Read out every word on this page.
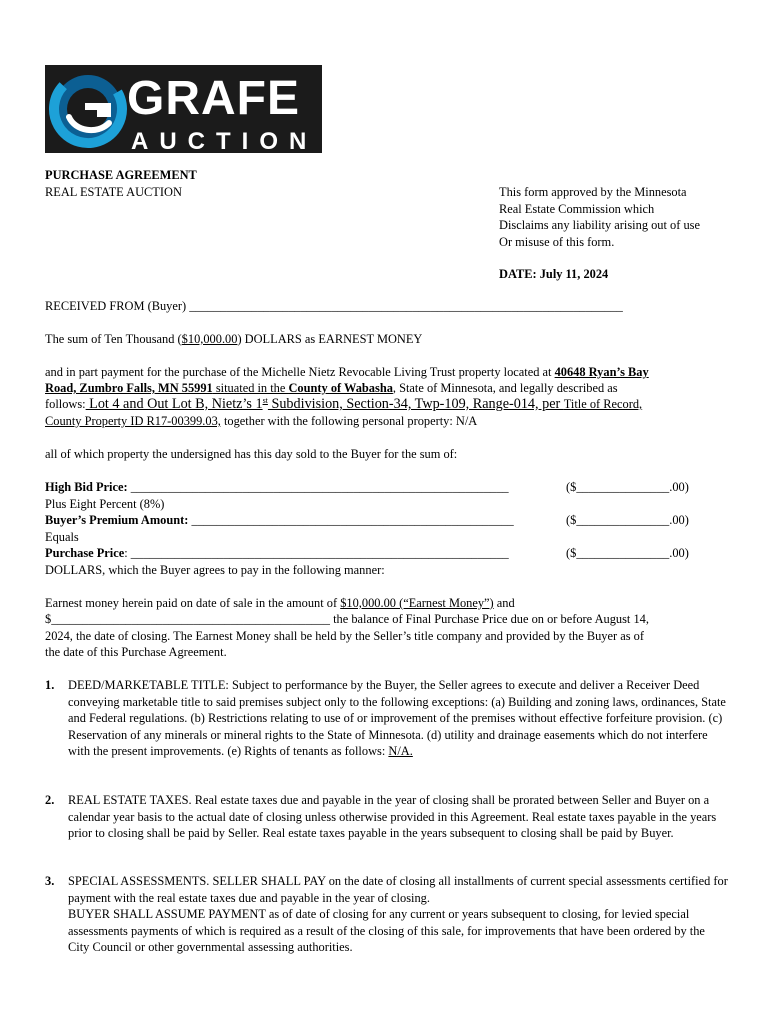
GRAFE
AUCTION
PURCHASE AGREEMENT
REAL ESTATE AUCTION	This form approved by the Minnesota
Real Estate Commission which
Disclaims any liability arising out of use
Or misuse of this form.
DATE: July 11, 2024
RECEIVED FROM (Buyer) ______________________________________________________________________
The sum of Ten Thousand ($10,000.00) DOLLARS as EARNEST MONEY
and in part payment for the purchase of the Michelle Nietz Revocable Living Trust property located at 40648 Ryan’s Bay
Road, Zumbro Falls, MN 55991 situated in the County of Wabasha, State of Minnesota, and legally described as
follows: Lot 4 and Out Lot B, Nietz’s 1st Subdivision, Section-34, Twp-109, Range-014, per Title of Record,
County Property ID R17-00399.03, together with the following personal property: N/A
all of which property the undersigned has this day sold to the Buyer for the sum of:
High Bid Price: _____________________________________________________________	($_______________.00)
Plus Eight Percent (8%)
Buyer’s Premium Amount: ____________________________________________________	($_______________.00)
Equals
Purchase Price: _____________________________________________________________	($_______________.00)
DOLLARS, which the Buyer agrees to pay in the following manner:
Earnest money herein paid on date of sale in the amount of $10,000.00 (“Earnest Money”) and
$_____________________________________________ the balance of Final Purchase Price due on or before August 14,
2024, the date of closing. The Earnest Money shall be held by the Seller’s title company and provided by the Buyer as of
the date of this Purchase Agreement.
1. DEED/MARKETABLE TITLE: Subject to performance by the Buyer, the Seller agrees to execute and deliver a Receiver Deed conveying marketable title to said premises subject only to the following exceptions: (a) Building and zoning laws, ordinances, State and Federal regulations. (b) Restrictions relating to use of or improvement of the premises without effective forfeiture provision. (c) Reservation of any minerals or mineral rights to the State of Minnesota. (d) utility and drainage easements which do not interfere with the present improvements. (e) Rights of tenants as follows: N/A.
2. REAL ESTATE TAXES. Real estate taxes due and payable in the year of closing shall be prorated between Seller and Buyer on a calendar year basis to the actual date of closing unless otherwise provided in this Agreement. Real estate taxes payable in the years prior to closing shall be paid by Seller. Real estate taxes payable in the years subsequent to closing shall be paid by Buyer.
3. SPECIAL ASSESSMENTS. SELLER SHALL PAY on the date of closing all installments of current special assessments certified for payment with the real estate taxes due and payable in the year of closing.
BUYER SHALL ASSUME PAYMENT as of date of closing for any current or years subsequent to closing, for levied special assessments payments of which is required as a result of the closing of this sale, for improvements that have been ordered by the City Council or other governmental assessing authorities.
